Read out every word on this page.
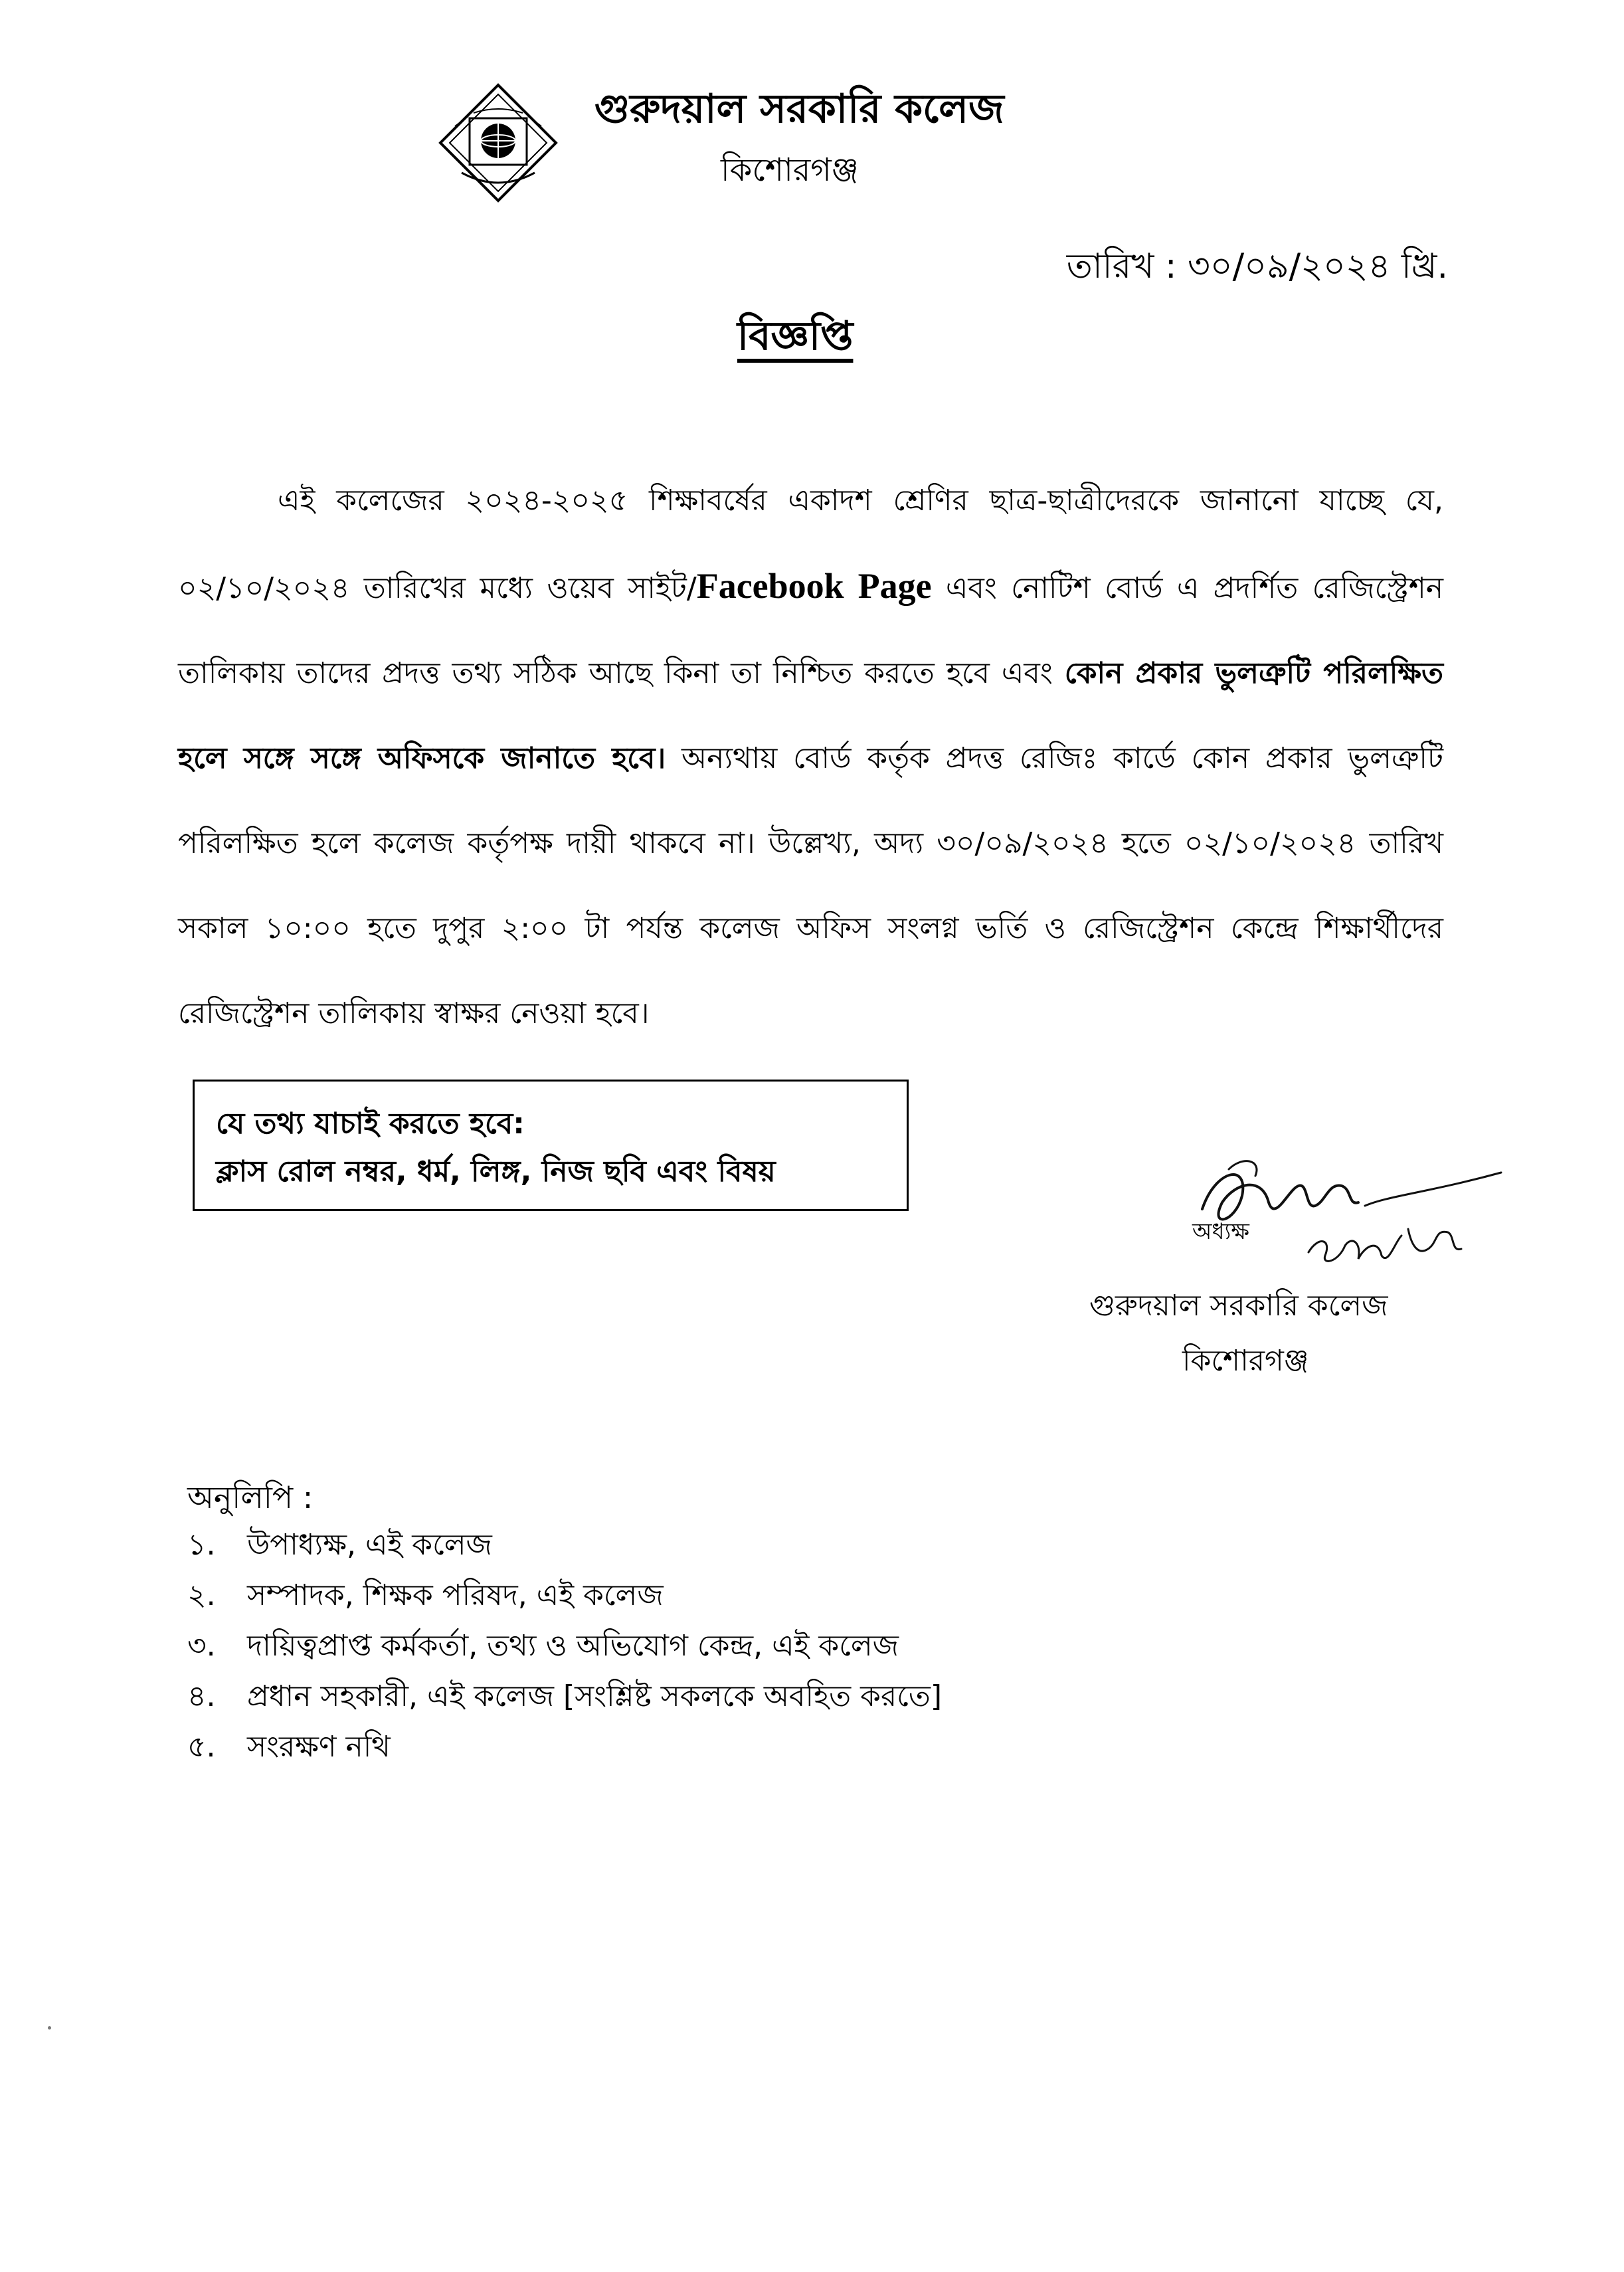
গুরুদয়াল সরকারি কলেজ
কিশোরগঞ্জ
তারিখ : ৩০/০৯/২০২৪ খ্রি.
বিজ্ঞপ্তি
এই কলেজের ২০২৪-২০২৫ শিক্ষাবর্ষের একাদশ শ্রেণির ছাত্র-ছাত্রীদেরকে জানানো যাচ্ছে যে, ০২/১০/২০২৪ তারিখের মধ্যে ওয়েব সাইট/Facebook Page এবং নোটিশ বোর্ড এ প্রদর্শিত রেজিস্ট্রেশন তালিকায় তাদের প্রদত্ত তথ্য সঠিক আছে কিনা তা নিশ্চিত করতে হবে এবং কোন প্রকার ভুলত্রুটি পরিলক্ষিত হলে সঙ্গে সঙ্গে অফিসকে জানাতে হবে। অন্যথায় বোর্ড কর্তৃক প্রদত্ত রেজিঃ কার্ডে কোন প্রকার ভুলত্রুটি পরিলক্ষিত হলে কলেজ কর্তৃপক্ষ দায়ী থাকবে না। উল্লেখ্য, অদ্য ৩০/০৯/২০২৪ হতে ০২/১০/২০২৪ তারিখ সকাল ১০:০০ হতে দুপুর ২:০০ টা পর্যন্ত কলেজ অফিস সংলগ্ন ভর্তি ও রেজিস্ট্রেশন কেন্দ্রে শিক্ষার্থীদের রেজিস্ট্রেশন তালিকায় স্বাক্ষর নেওয়া হবে।
যে তথ্য যাচাই করতে হবে:
ক্লাস রোল নম্বর, ধর্ম, লিঙ্গ, নিজ ছবি এবং বিষয়
অধ্যক্ষ
গুরুদয়াল সরকারি কলেজ
কিশোরগঞ্জ
অনুলিপি :
১. উপাধ্যক্ষ, এই কলেজ
২. সম্পাদক, শিক্ষক পরিষদ, এই কলেজ
৩. দায়িত্বপ্রাপ্ত কর্মকর্তা, তথ্য ও অভিযোগ কেন্দ্র, এই কলেজ
৪. প্রধান সহকারী, এই কলেজ [সংশ্লিষ্ট সকলকে অবহিত করতে]
৫. সংরক্ষণ নথি
